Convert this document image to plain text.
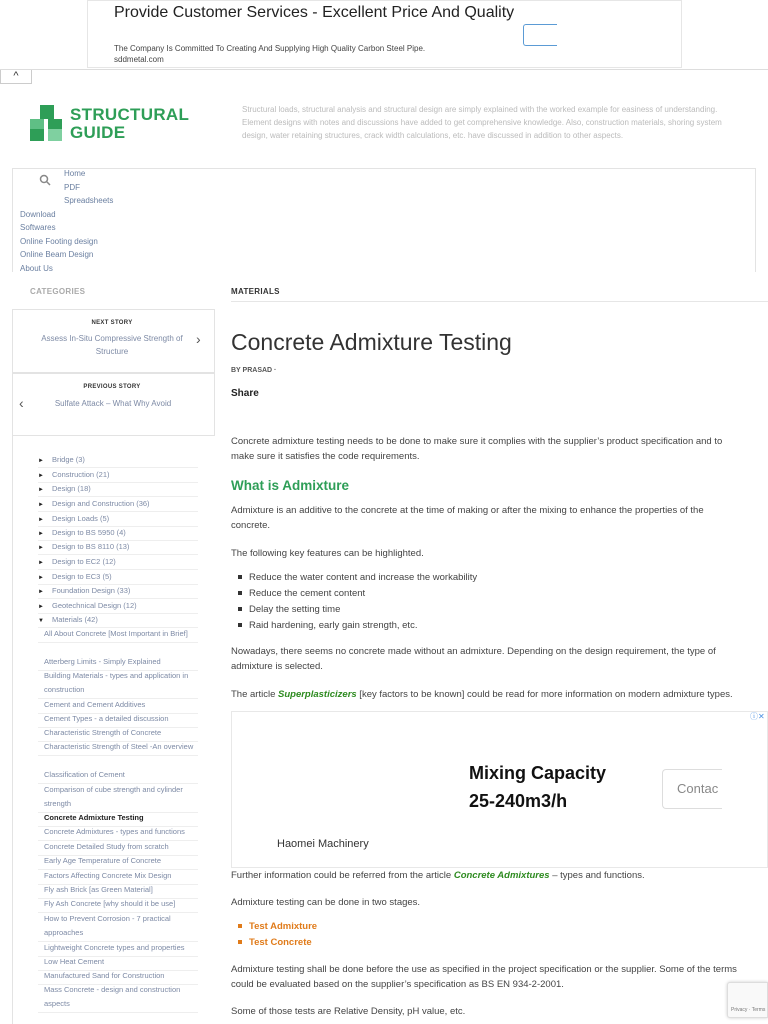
Provide Customer Services - Excellent Price And Quality
The Company Is Committed To Creating And Supplying High Quality Carbon Steel Pipe.
sddmetal.com
^
STRUCTURAL
GUIDE
Structural loads, structural analysis and structural design are simply explained with the worked example for easiness of understanding. Element designs with notes and discussions have added to get comprehensive knowledge. Also, construction materials, shoring system design, water retaining structures, crack width calculations, etc. have discussed in addition to other aspects.
Home
PDF
Spreadsheets
Download
Softwares
Online Footing design
Online Beam Design
About Us
CATEGORIES	MATERIALS
NEXT STORY
Assess In-Situ Compressive Strength of Structure
›
PREVIOUS STORY
Sulfate Attack – What Why Avoid
‹
► Bridge (3)
► Construction (21)
► Design (18)
► Design and Construction (36)
► Design Loads (5)
► Design to BS 5950 (4)
► Design to BS 8110 (13)
► Design to EC2 (12)
► Design to EC3 (5)
► Foundation Design (33)
► Geotechnical Design (12)
▼ Materials (42)
All About Concrete [Most Important in Brief]
Atterberg Limits - Simply Explained
Building Materials - types and application in construction
Cement and Cement Additives
Cement Types - a detailed discussion
Characteristic Strength of Concrete
Characteristic Strength of Steel -An overview
Classification of Cement
Comparison of cube strength and cylinder strength
Concrete Admixture Testing
Concrete Admixtures - types and functions
Concrete Detailed Study from scratch
Early Age Temperature of Concrete
Factors Affecting Concrete Mix Design
Fly ash Brick [as Green Material]
Fly Ash Concrete [why should it be use]
How to Prevent Corrosion - 7 practical approaches
Lightweight Concrete types and properties
Low Heat Cement
Manufactured Sand for Construction
Mass Concrete - design and construction aspects
Concrete Admixture Testing
BY PRASAD ·
Share

Concrete admixture testing needs to be done to make sure it complies with the supplier’s product specification and to make sure it satisfies the code requirements.

What is Admixture

Admixture is an additive to the concrete at the time of making or after the mixing to enhance the properties of the concrete.

The following key features can be highlighted.

Reduce the water content and increase the workability
Reduce the cement content
Delay the setting time
Raid hardening, early gain strength, etc.

Nowadays, there seems no concrete made without an admixture. Depending on the design requirement, the type of admixture is selected.

The article Superplasticizers [key factors to be known] could be read for more information on modern admixture types.

ⓘ✕
Mixing Capacity
25-240m3/h
Contac
Haomei Machinery

Further information could be referred from the article Concrete Admixtures – types and functions.

Admixture testing can be done in two stages.

Test Admixture
Test Concrete

Admixture testing shall be done before the use as specified in the project specification or the supplier. Some of the terms could be evaluated based on the supplier’s specification as BS EN 934-2-2001.

Some of those tests are Relative Density, pH value, etc.	Privacy · Terms
